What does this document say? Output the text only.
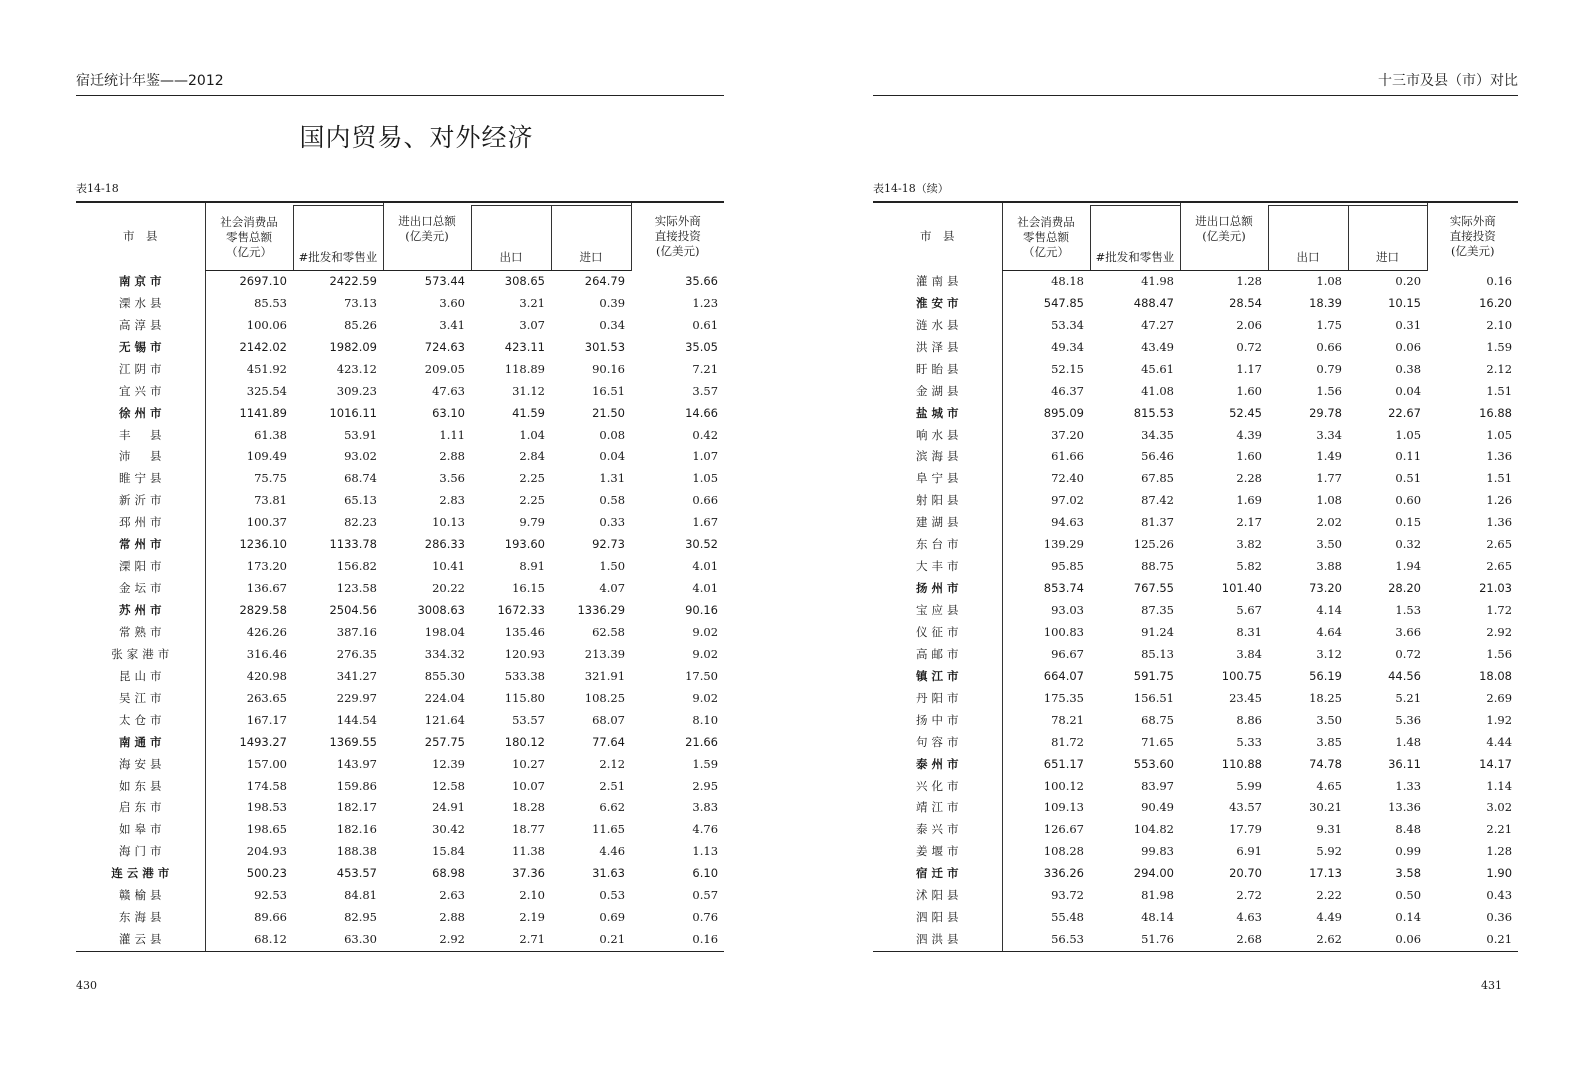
宿迁统计年鉴——2012
国内贸易、对外经济
表14-18
市　县						实际外商
直接投资
(亿美元)

	社会消费品
零售总额
（亿元）	#批发和零售业	进出口总额
(亿美元)	出口	进口	
南京市	2697.10	2422.59	573.44	308.65	264.79	35.66
溧水县	85.53	73.13	3.60	3.21	0.39	1.23
高淳县	100.06	85.26	3.41	3.07	0.34	0.61
无锡市	2142.02	1982.09	724.63	423.11	301.53	35.05
江阴市	451.92	423.12	209.05	118.89	90.16	7.21
宜兴市	325.54	309.23	47.63	31.12	16.51	3.57
徐州市	1141.89	1016.11	63.10	41.59	21.50	14.66
丰　县	61.38	53.91	1.11	1.04	0.08	0.42
沛　县	109.49	93.02	2.88	2.84	0.04	1.07
睢宁县	75.75	68.74	3.56	2.25	1.31	1.05
新沂市	73.81	65.13	2.83	2.25	0.58	0.66
邳州市	100.37	82.23	10.13	9.79	0.33	1.67
常州市	1236.10	1133.78	286.33	193.60	92.73	30.52
溧阳市	173.20	156.82	10.41	8.91	1.50	4.01
金坛市	136.67	123.58	20.22	16.15	4.07	4.01
苏州市	2829.58	2504.56	3008.63	1672.33	1336.29	90.16
常熟市	426.26	387.16	198.04	135.46	62.58	9.02
张家港市	316.46	276.35	334.32	120.93	213.39	9.02
昆山市	420.98	341.27	855.30	533.38	321.91	17.50
吴江市	263.65	229.97	224.04	115.80	108.25	9.02
太仓市	167.17	144.54	121.64	53.57	68.07	8.10
南通市	1493.27	1369.55	257.75	180.12	77.64	21.66
海安县	157.00	143.97	12.39	10.27	2.12	1.59
如东县	174.58	159.86	12.58	10.07	2.51	2.95
启东市	198.53	182.17	24.91	18.28	6.62	3.83
如皋市	198.65	182.16	30.42	18.77	11.65	4.76
海门市	204.93	188.38	15.84	11.38	4.46	1.13
连云港市	500.23	453.57	68.98	37.36	31.63	6.10
赣榆县	92.53	84.81	2.63	2.10	0.53	0.57
东海县	89.66	82.95	2.88	2.19	0.69	0.76
灌云县	68.12	63.30	2.92	2.71	0.21	0.16
430
十三市及县（市）对比
表14-18（续）
市　县						实际外商
直接投资
(亿美元)

	社会消费品
零售总额
（亿元）	#批发和零售业	进出口总额
(亿美元)	出口	进口	
灌南县	48.18	41.98	1.28	1.08	0.20	0.16
淮安市	547.85	488.47	28.54	18.39	10.15	16.20
涟水县	53.34	47.27	2.06	1.75	0.31	2.10
洪泽县	49.34	43.49	0.72	0.66	0.06	1.59
盱眙县	52.15	45.61	1.17	0.79	0.38	2.12
金湖县	46.37	41.08	1.60	1.56	0.04	1.51
盐城市	895.09	815.53	52.45	29.78	22.67	16.88
响水县	37.20	34.35	4.39	3.34	1.05	1.05
滨海县	61.66	56.46	1.60	1.49	0.11	1.36
阜宁县	72.40	67.85	2.28	1.77	0.51	1.51
射阳县	97.02	87.42	1.69	1.08	0.60	1.26
建湖县	94.63	81.37	2.17	2.02	0.15	1.36
东台市	139.29	125.26	3.82	3.50	0.32	2.65
大丰市	95.85	88.75	5.82	3.88	1.94	2.65
扬州市	853.74	767.55	101.40	73.20	28.20	21.03
宝应县	93.03	87.35	5.67	4.14	1.53	1.72
仪征市	100.83	91.24	8.31	4.64	3.66	2.92
高邮市	96.67	85.13	3.84	3.12	0.72	1.56
镇江市	664.07	591.75	100.75	56.19	44.56	18.08
丹阳市	175.35	156.51	23.45	18.25	5.21	2.69
扬中市	78.21	68.75	8.86	3.50	5.36	1.92
句容市	81.72	71.65	5.33	3.85	1.48	4.44
泰州市	651.17	553.60	110.88	74.78	36.11	14.17
兴化市	100.12	83.97	5.99	4.65	1.33	1.14
靖江市	109.13	90.49	43.57	30.21	13.36	3.02
泰兴市	126.67	104.82	17.79	9.31	8.48	2.21
姜堰市	108.28	99.83	6.91	5.92	0.99	1.28
宿迁市	336.26	294.00	20.70	17.13	3.58	1.90
沭阳县	93.72	81.98	2.72	2.22	0.50	0.43
泗阳县	55.48	48.14	4.63	4.49	0.14	0.36
泗洪县	56.53	51.76	2.68	2.62	0.06	0.21
431
